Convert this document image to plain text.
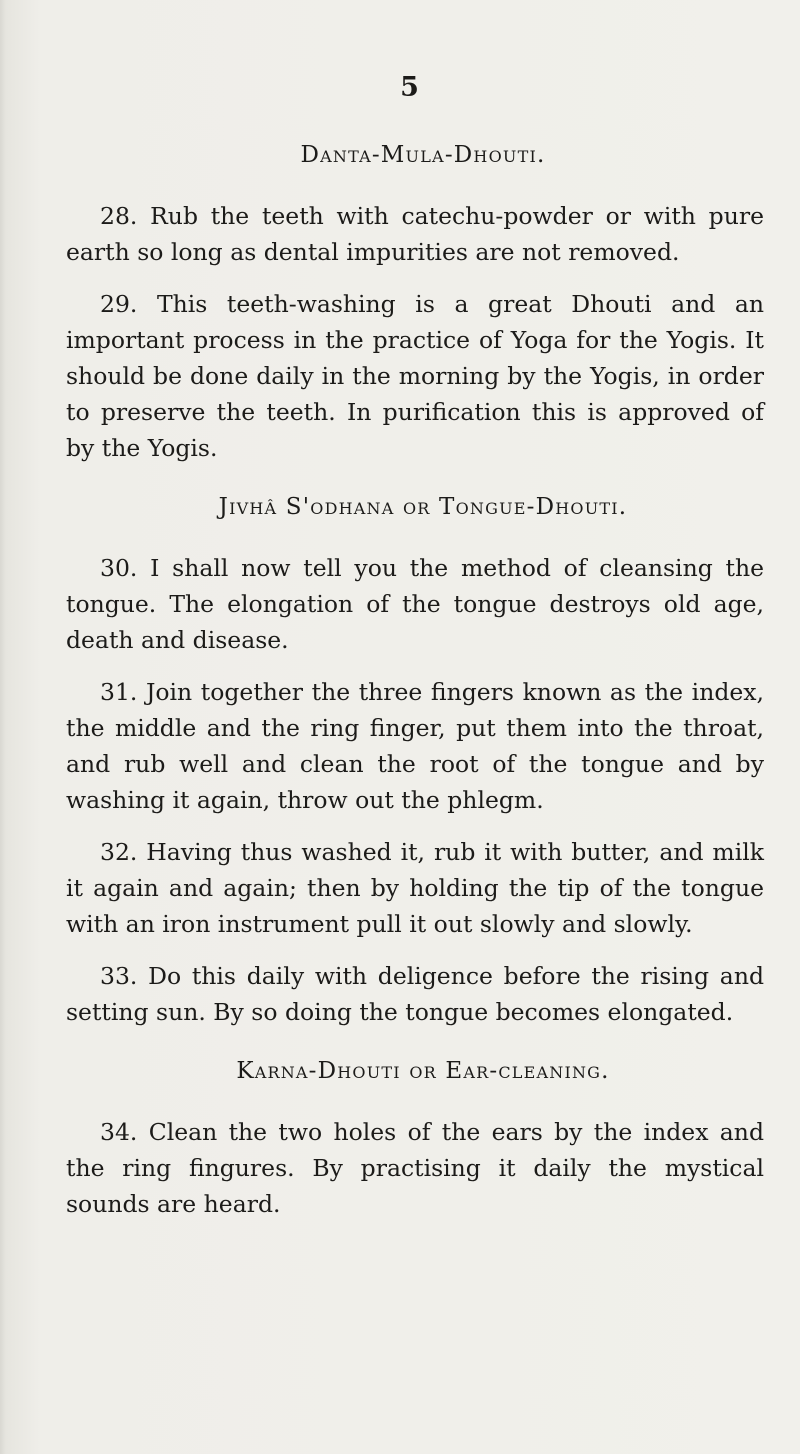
5
Danta-Mula-Dhouti.

28. Rub the teeth with catechu-powder or with pure earth so long as dental impurities are not removed.

29. This teeth-washing is a great Dhouti and an important process in the practice of Yoga for the Yogis. It should be done daily in the morning by the Yogis, in order to preserve the teeth. In purification this is approved of by the Yogis.

Jivhâ S'odhana or Tongue-Dhouti.

30. I shall now tell you the method of cleansing the tongue. The elongation of the tongue destroys old age, death and disease.

31. Join together the three fingers known as the index, the middle and the ring finger, put them into the throat, and rub well and clean the root of the tongue and by washing it again, throw out the phlegm.

32. Having thus washed it, rub it with butter, and milk it again and again; then by holding the tip of the tongue with an iron instrument pull it out slowly and slowly.

33. Do this daily with deligence before the rising and setting sun. By so doing the tongue becomes elongated.

Karna-Dhouti or Ear-cleaning.

34. Clean the two holes of the ears by the index and the ring fingures. By practising it daily the mystical sounds are heard.
